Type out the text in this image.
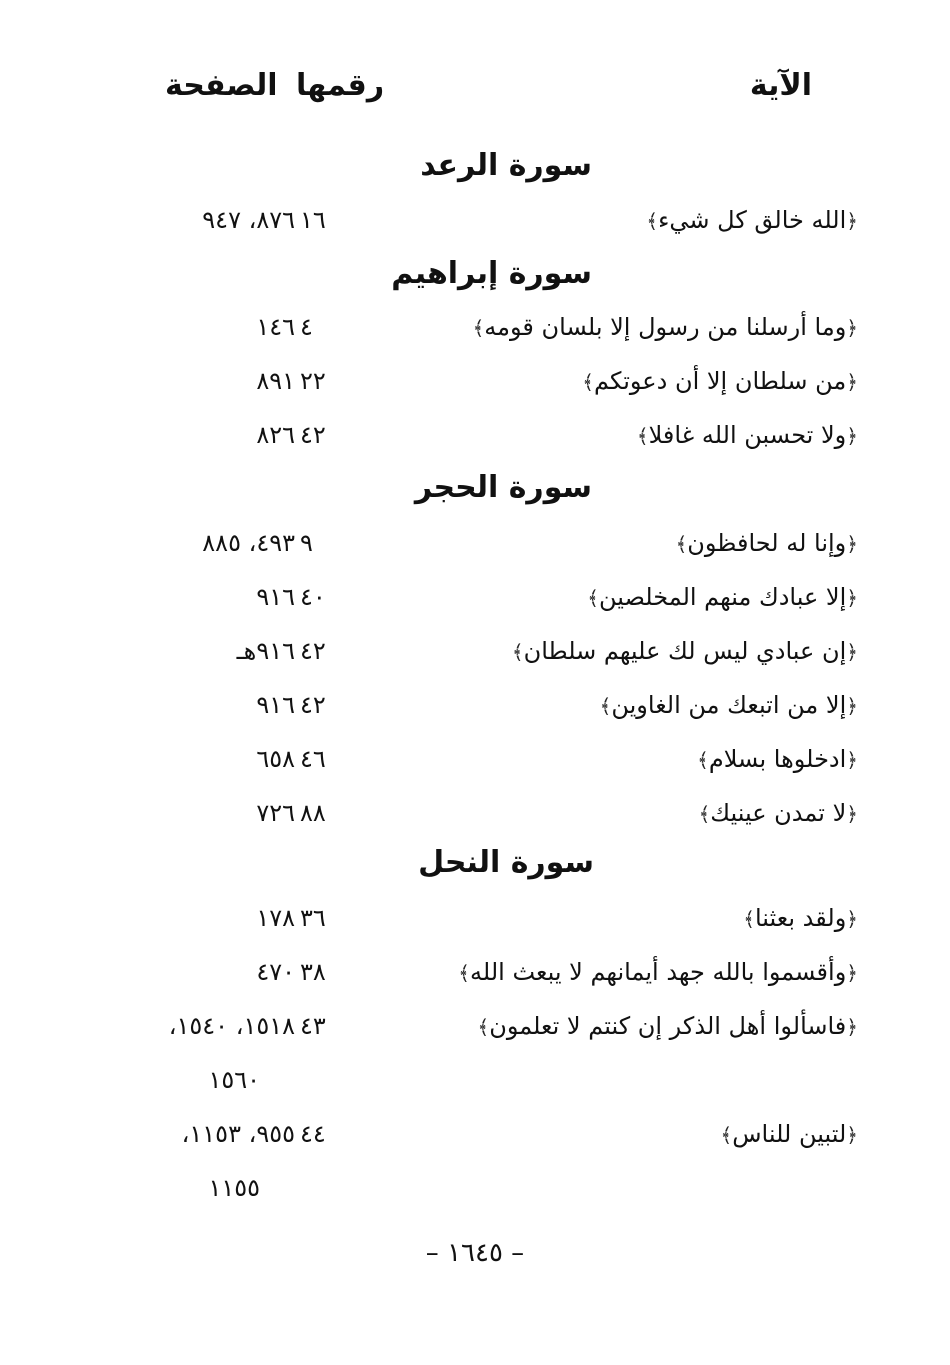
الآية
رقمها
الصفحة
سورة الرعد
﴿الله خالق كل شيء﴾
١٦
٨٧٦، ٩٤٧
سورة إبراهيم
﴿وما أرسلنا من رسول إلا بلسان قومه﴾
٤
١٤٦
﴿من سلطان إلا أن دعوتكم﴾
٢٢
٨٩١
﴿ولا تحسبن الله غافلا﴾
٤٢
٨٢٦
سورة الحجر
﴿وإنا له لحافظون﴾
٩
٤٩٣، ٨٨٥
﴿إلا عبادك منهم المخلصين﴾
٤٠
٩١٦
﴿إن عبادي ليس لك عليهم سلطان﴾
٤٢
٩١٦هـ
﴿إلا من اتبعك من الغاوين﴾
٤٢
٩١٦
﴿ادخلوها بسلام﴾
٤٦
٦٥٨
﴿لا تمدن عينيك﴾
٨٨
٧٢٦
سورة النحل
﴿ولقد بعثنا﴾
٣٦
١٧٨
﴿وأقسموا بالله جهد أيمانهم لا يبعث الله﴾
٣٨
٤٧٠
﴿فاسألوا أهل الذكر إن كنتم لا تعلمون﴾
٤٣
١٥١٨، ١٥٤٠،
١٥٦٠
﴿لتبين للناس﴾
٤٤
٩٥٥، ١١٥٣،
١١٥٥
– ١٦٤٥ –
